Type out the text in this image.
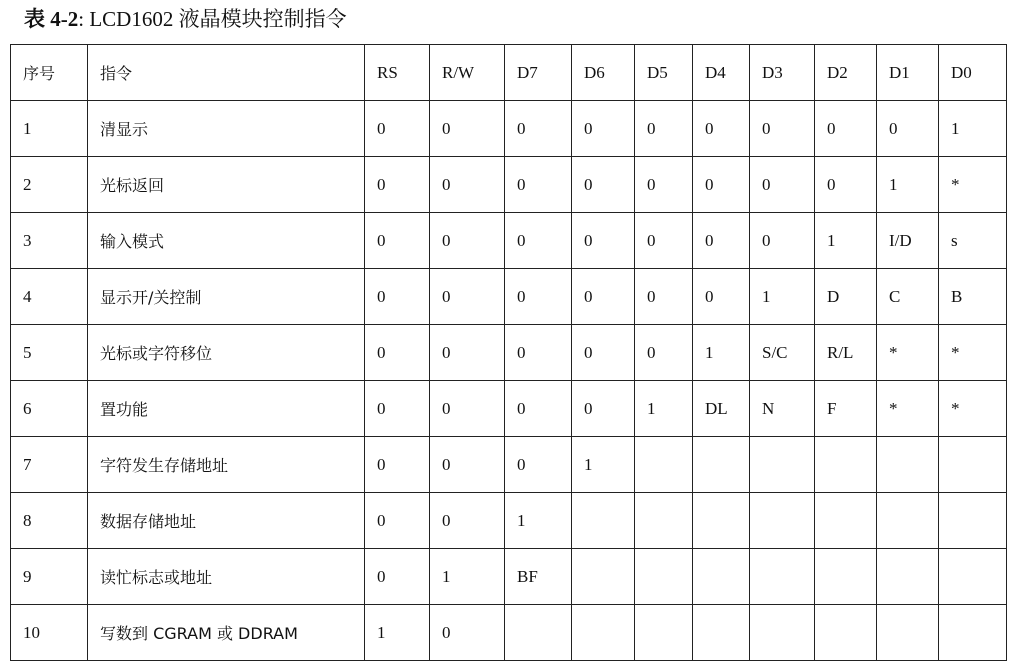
表 4-2: LCD1602 液晶模块控制指令
序号	指令	RS	R/W	D7	D6	D5	D4	D3	D2	D1	D0
1	清显示	0	0	0	0	0	0	0	0	0	1
2	光标返回	0	0	0	0	0	0	0	0	1	*
3	输入模式	0	0	0	0	0	0	0	1	I/D	s
4	显示开/关控制	0	0	0	0	0	0	1	D	C	B
5	光标或字符移位	0	0	0	0	0	1	S/C	R/L	*	*
6	置功能	0	0	0	0	1	DL	N	F	*	*
7	字符发生存储地址	0	0	0	1						
8	数据存储地址	0	0	1							
9	读忙标志或地址	0	1	BF							
10	写数到 CGRAM 或 DDRAM	1	0								
